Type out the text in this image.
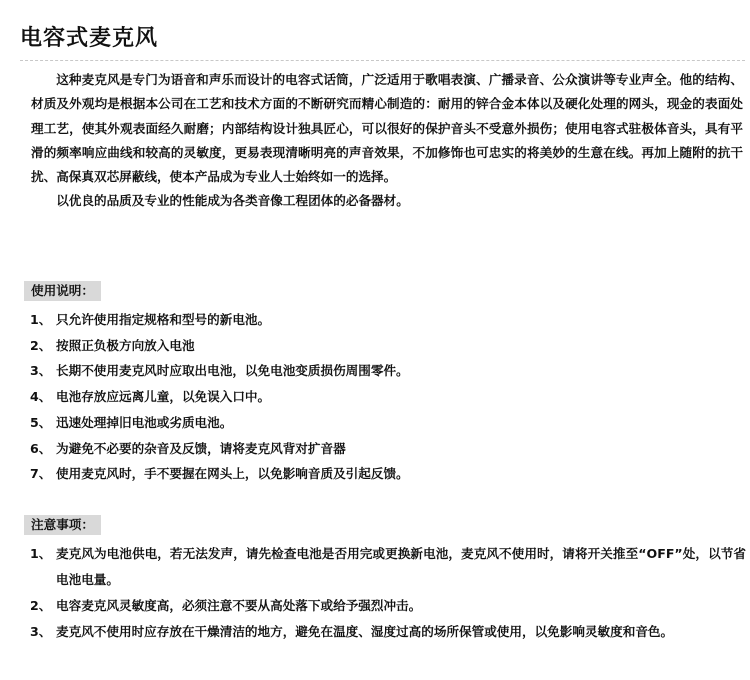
电容式麦克风

这种麦克风是专门为语音和声乐而设计的电容式话筒，广泛适用于歌唱表演、广播录音、公众演讲等专业声全。他的结构、材质及外观均是根据本公司在工艺和技术方面的不断研究而精心制造的：耐用的锌合金本体以及硬化处理的网头，现金的表面处理工艺，使其外观表面经久耐磨；内部结构设计独具匠心，可以很好的保护音头不受意外损伤；使用电容式驻极体音头，具有平滑的频率响应曲线和较高的灵敏度，更易表现清晰明亮的声音效果，不加修饰也可忠实的将美妙的生意在线。再加上随附的抗干扰、高保真双芯屏蔽线，使本产品成为专业人士始终如一的选择。

以优良的品质及专业的性能成为各类音像工程团体的必备器材。

使用说明：
1、 只允许使用指定规格和型号的新电池。
2、 按照正负极方向放入电池
3、 长期不使用麦克风时应取出电池，以免电池变质损伤周围零件。
4、 电池存放应远离儿童，以免误入口中。
5、 迅速处理掉旧电池或劣质电池。
6、 为避免不必要的杂音及反馈，请将麦克风背对扩音器
7、 使用麦克风时，手不要握在网头上，以免影响音质及引起反馈。
注意事项：
1、 麦克风为电池供电，若无法发声，请先检查电池是否用完或更换新电池，麦克风不使用时，请将开关推至“OFF”处，以节省电池电量。
2、 电容麦克风灵敏度高，必须注意不要从高处落下或给予强烈冲击。
3、 麦克风不使用时应存放在干燥清洁的地方，避免在温度、湿度过高的场所保管或使用，以免影响灵敏度和音色。
